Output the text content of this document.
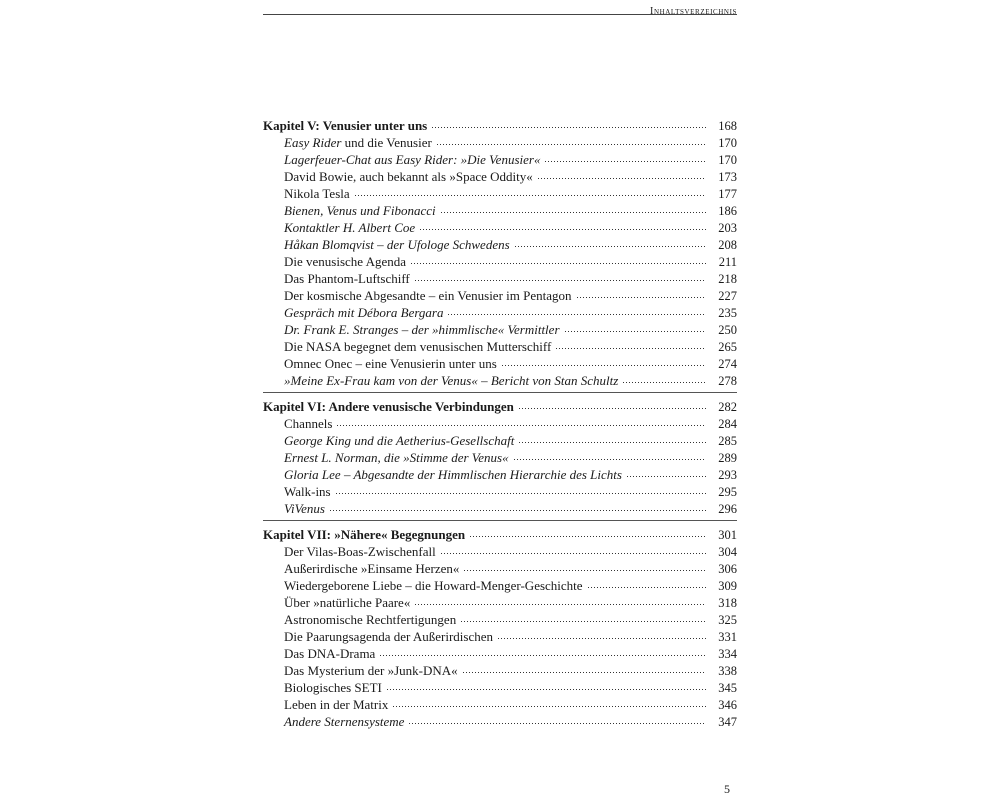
Inhaltsverzeichnis
Kapitel V: Venusier unter uns	168
Easy Rider und die Venusier	170
Lagerfeuer-Chat aus Easy Rider: »Die Venusier«	170
David Bowie, auch bekannt als »Space Oddity«	173
Nikola Tesla	177
Bienen, Venus und Fibonacci	186
Kontaktler H. Albert Coe	203
Håkan Blomqvist – der Ufologe Schwedens	208
Die venusische Agenda	211
Das Phantom-Luftschiff	218
Der kosmische Abgesandte – ein Venusier im Pentagon	227
Gespräch mit Débora Bergara	235
Dr. Frank E. Stranges – der »himmlische« Vermittler	250
Die NASA begegnet dem venusischen Mutterschiff	265
Omnec Onec – eine Venusierin unter uns	274
»Meine Ex-Frau kam von der Venus« – Bericht von Stan Schultz	278
Kapitel VI: Andere venusische Verbindungen	282
Channels	284
George King und die Aetherius-Gesellschaft	285
Ernest L. Norman, die »Stimme der Venus«	289
Gloria Lee – Abgesandte der Himmlischen Hierarchie des Lichts	293
Walk-ins	295
ViVenus	296
Kapitel VII: »Nähere« Begegnungen	301
Der Vilas-Boas-Zwischenfall	304
Außerirdische »Einsame Herzen«	306
Wiedergeborene Liebe – die Howard-Menger-Geschichte	309
Über »natürliche Paare«	318
Astronomische Rechtfertigungen	325
Die Paarungsagenda der Außerirdischen	331
Das DNA-Drama	334
Das Mysterium der »Junk-DNA«	338
Biologisches SETI	345
Leben in der Matrix	346
Andere Sternensysteme	347
5
